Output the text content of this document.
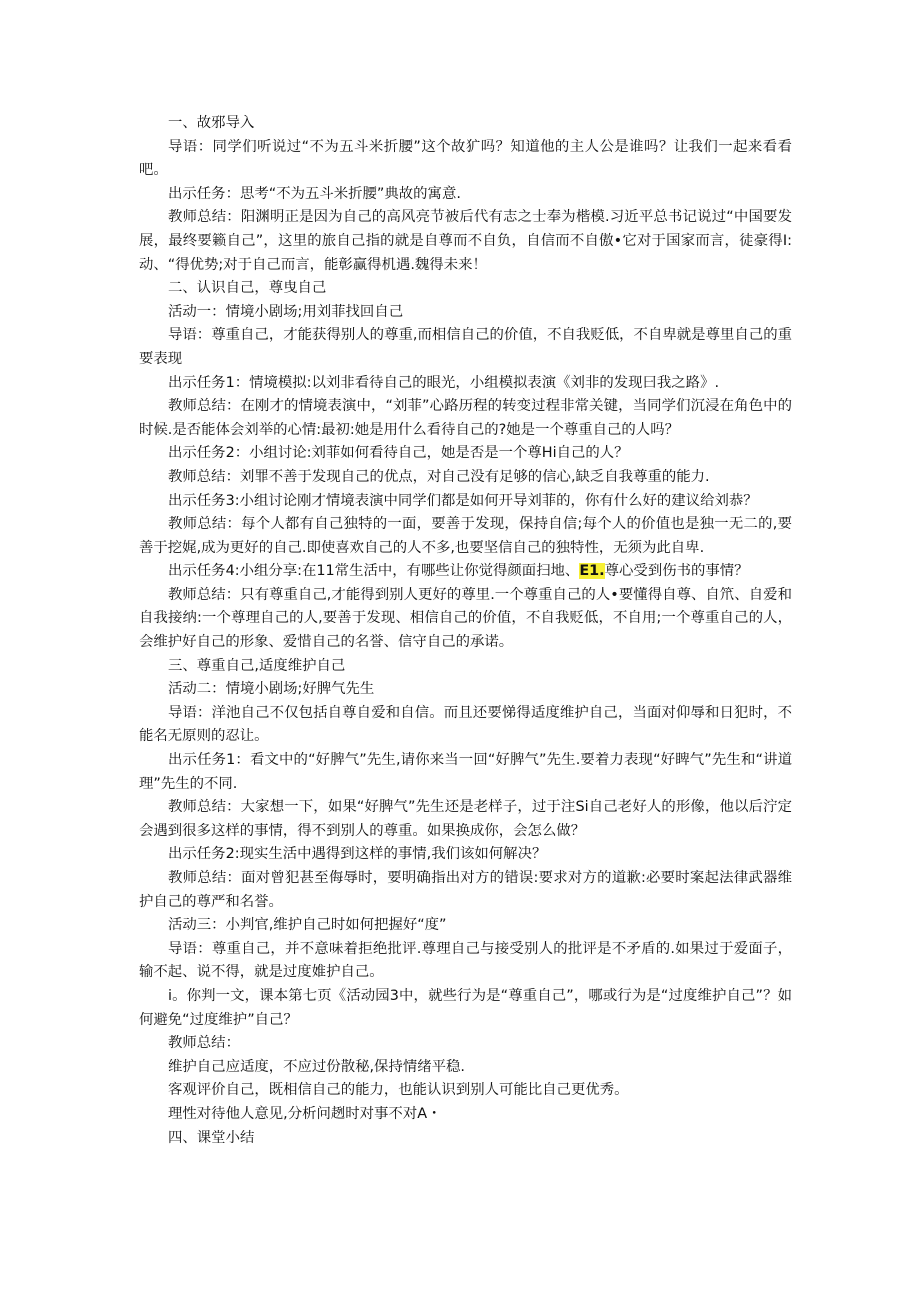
一、故邪导入

导语：同学们听说过“不为五斗米折腰”这个故犷吗？知道他的主人公是谁吗？让我们一起来看看吧。

出示任务：思考“不为五斗米折腰”典故的寓意.

教师总结：阳渊明正是因为自己的高风亮节被后代有志之士奉为楷模.习近平总书记说过“中国要发展，最终要籁自己”，这里的旅自己指的就是自尊而不自负，自信而不自傲•它对于国家而言，徒豪得I:动、“得优势;对于自己而言，能彰赢得机遇.魏得未来！

二、认识自己，尊曳自己

活动一：情境小剧场;用刘菲找回自己

导语：尊重自己，才能获得别人的尊重,而相信自己的价值，不自我贬低，不自卑就是尊里自己的重要表现

出示任务1：情境模拟:以刘非看待自己的眼光，小组模拟表演《刘非的发现曰我之路》.

教师总结：在刚才的情境表演中，“刘菲”心路历程的转变过程非常关键，当同学们沉浸在角色中的时候.是否能体会刘举的心情:最初:她是用什么看待自己的?她是一个尊重自己的人吗？

出示任务2：小组讨论:刘菲如何看待自己，她是否是一个尊Hi自己的人？

教师总结：刘罪不善于发现自己的优点，对自己没有足够的信心,缺乏自我尊重的能力.

出示任务3:小组讨论刚才情境表演中同学们都是如何开导刘菲的，你有什么好的建议给刘恭？

教师总结：每个人都有自己独特的一面，要善于发现，保持自信;每个人的价值也是独一无二的,要善于挖娓,成为更好的自己.即使喜欢自己的人不多,也要坚信自己的独特性，无须为此自卑.

出示任务4:小组分享:在11常生活中，有哪些让你觉得颜面扫地、E1.尊心受到伤书的事情？

教师总结：只有尊重自己,才能得到别人更好的尊里.一个尊重自己的人•要懂得自尊、自笊、自爱和自我接纳:一个尊理自己的人,要善于发现、相信自己的价值，不自我贬低，不自用;一个尊重自己的人，会维护好自己的形象、爱惜自己的名誉、信守自己的承诺。

三、尊重自己,适度维护自己

活动二：情境小剧场;好脾气先生

导语：洋池自己不仅包括自尊自爱和自信。而且还要悌得适度维护自己，当面对仰辱和日犯时，不能名无原则的忍让。

出示任务1：看文中的“好脾气”先生,请你来当一回“好脾气”先生.要着力表现“好睥气”先生和“讲道理”先生的不同.

教师总结：大家想一下，如果“好脾气”先生还是老样子，过于注Si自己老好人的形像，他以后泞定会遇到很多这样的事情，得不到别人的尊重。如果换成你，会怎么做？

出示任务2:现实生活中遇得到这样的事情,我们该如何解决？

教师总结：面对曾犯甚至侮辱时，要明确指出对方的错误:要求对方的道歉:必要时案起法律武器维护自己的尊严和名誉。

活动三：小判官,维护自己时如何把握好“度”

导语：尊重自己，并不意味着拒绝批评.尊理自己与接受别人的批评是不矛盾的.如果过于爱面子，输不起、说不得，就是过度婎护自己。

i。你判一文，课本第七页《活动园3中，就些行为是“尊重自己”，哪或行为是“过度维护自己”？如何避免“过度维护”自己？

教师总结：

维护自己应适度，不应过份散秘,保持情绪平稳.

客观评价自己，既相信自己的能力，也能认识到别人可能比自己更优秀。

理性对待他人意见,分析问趔时对事不对A・

四、课堂小结
